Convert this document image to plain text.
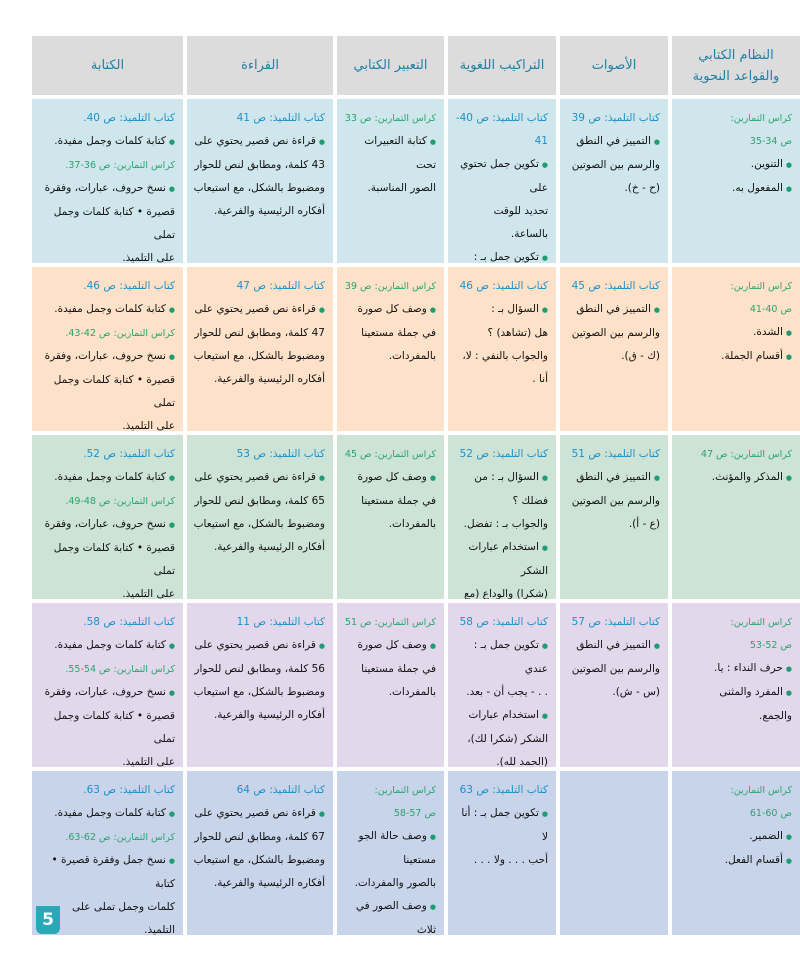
النظام الكتابي
والقواعد النحوية
الأصوات
التراكيب اللغوية
التعبير الكتابي
القراءة
الكتابة
كراس التمارين:
ص 34-35
● التنوين.
● المفعول به.
كتاب التلميذ: ص 39
● التمييز في النطق
والرسم بين الصوتين
(ح - خ).
كتاب التلميذ: ص 40-41
● تكوين جمل تحتوي على
تحديد للوقت بالساعة.
● تكوين جمل بـ :
كراس التمارين: ص 33
● كتابة التعبيرات تحت
الصور المناسبة.
كتاب التلميذ: ص 41
● قراءة نص قصير يحتوي على
43 كلمة، ومطابق لنص للحوار
ومضبوط بالشكل، مع استيعاب
أفكاره الرئيسية والفرعية.
كتاب التلميذ: ص 40.
● كتابة كلمات وجمل مفيدة.
كراس التمارين: ص 36-37.
● نسخ حروف، عبارات، وفقرة
قصيرة • كتابة كلمات وجمل تملى
على التلميذ.
كراس التمارين:
ص 40-41
● الشدة.
● أقسام الجملة.
كتاب التلميذ: ص 45
● التمييز في النطق
والرسم بين الصوتين
(ك - ق).
كتاب التلميذ: ص 46
● السؤال بـ :
هل (تشاهد) ؟
والجواب بالنفي : لا،
أنا .
كراس التمارين: ص 39
● وصف كل صورة
في جملة مستعينا
بالمفردات.
كتاب التلميذ: ص 47
● قراءة نص قصير يحتوي على
47 كلمة، ومطابق لنص للحوار
ومضبوط بالشكل، مع استيعاب
أفكاره الرئيسية والفرعية.
كتاب التلميذ: ص 46.
● كتابة كلمات وجمل مفيدة.
كراس التمارين: ص 42-43.
● نسخ حروف، عبارات، وفقرة
قصيرة • كتابة كلمات وجمل تملى
على التلميذ.
كراس التمارين: ص 47
● المذكر والمؤنث.
كتاب التلميذ: ص 51
● التمييز في النطق
والرسم بين الصوتين
(ع - أ).
كتاب التلميذ: ص 52
● السؤال بـ : من فضلك ؟
والجواب بـ : تفضل.
● استخدام عبارات الشكر
(شكرا) والوداع (مع
كراس التمارين: ص 45
● وصف كل صورة
في جملة مستعينا
بالمفردات.
كتاب التلميذ: ص 53
● قراءة نص قصير يحتوي على
65 كلمة، ومطابق لنص للحوار
ومضبوط بالشكل، مع استيعاب
أفكاره الرئيسية والفرعية.
كتاب التلميذ: ص 52.
● كتابة كلمات وجمل مفيدة.
كراس التمارين: ص 48-49.
● نسخ حروف، عبارات، وفقرة
قصيرة • كتابة كلمات وجمل تملى
على التلميذ.
كراس التمارين:
ص 52-53
● حرف النداء : يا.
● المفرد والمثنى
والجمع.
كتاب التلميذ: ص 57
● التمييز في النطق
والرسم بين الصوتين
(س - ش).
كتاب التلميذ: ص 58
● تكوين جمل بـ : عندي
. . - يجب أن - بعد.
● استخدام عبارات
الشكر (شكرا لك)،
(الحمد لله).
كراس التمارين: ص 51
● وصف كل صورة
في جملة مستعينا
بالمفردات.
كتاب التلميذ: ص 11
● قراءة نص قصير يحتوي على
56 كلمة، ومطابق لنص للحوار
ومضبوط بالشكل، مع استيعاب
أفكاره الرئيسية والفرعية.
كتاب التلميذ: ص 58.
● كتابة كلمات وجمل مفيدة.
كراس التمارين: ص 54-55.
● نسخ حروف، عبارات، وفقرة
قصيرة • كتابة كلمات وجمل تملى
على التلميذ.
كراس التمارين:
ص 60-61
● الضمير.
● أقسام الفعل.
كتاب التلميذ: ص 63
● تكوين جمل بـ : أنا لا
أحب . . . ولا . . .
كراس التمارين:
ص 57-58
● وصف حالة الجو مستعينا
بالصور والمفردات.
● وصف الصور في ثلاث
كتاب التلميذ: ص 64
● قراءة نص قصير يحتوي على
67 كلمة، ومطابق لنص للحوار
ومضبوط بالشكل، مع استيعاب
أفكاره الرئيسية والفرعية.
كتاب التلميذ: ص 63.
● كتابة كلمات وجمل مفيدة.
كراس التمارين: ص 62-63.
● نسخ جمل وفقرة قصيرة • كتابة
كلمات وجمل تملى على التلميذ.
5
